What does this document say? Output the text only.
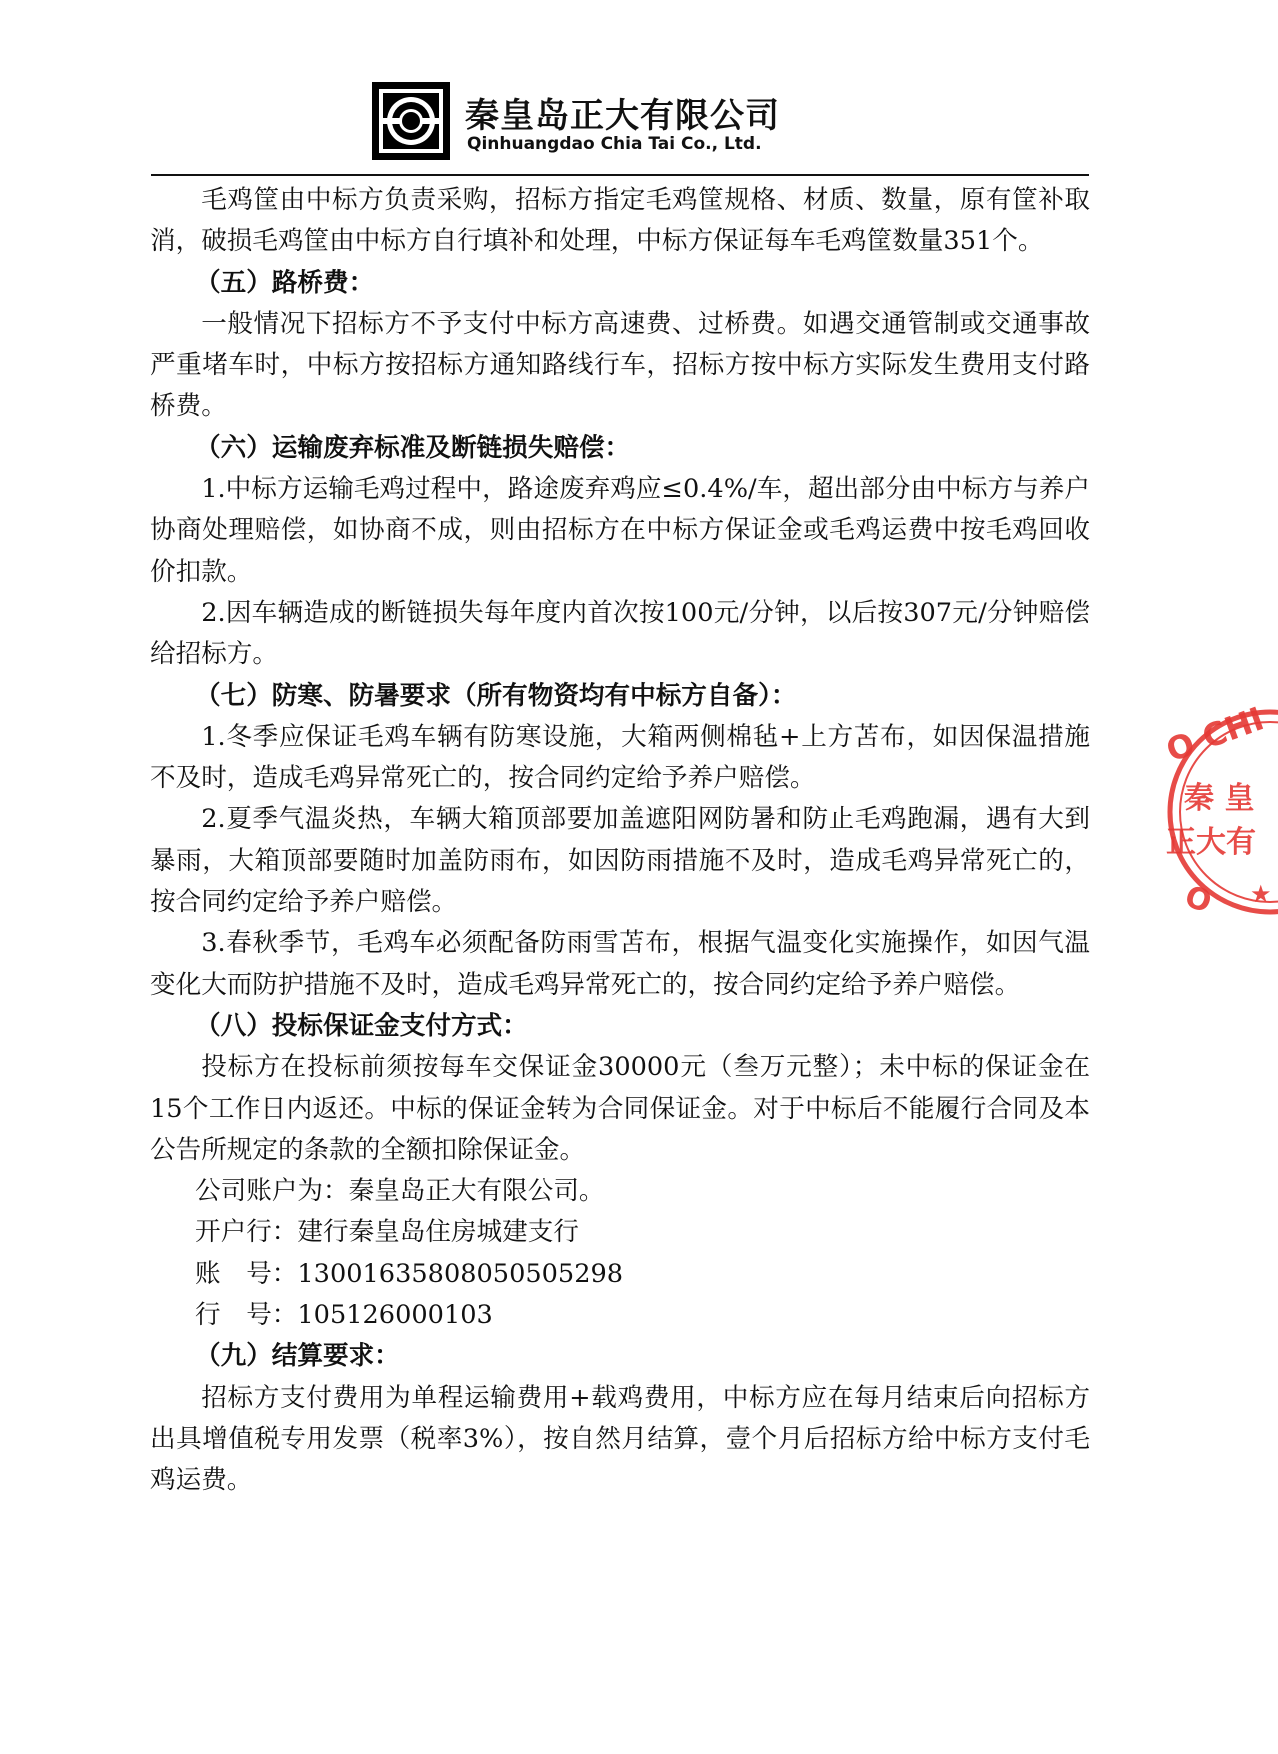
秦皇岛正大有限公司
Qinhuangdao Chia Tai Co., Ltd.

毛鸡筐由中标方负责采购，招标方指定毛鸡筐规格、材质、数量，原有筐补取消，破损毛鸡筐由中标方自行填补和处理，中标方保证每车毛鸡筐数量351个。

（五）路桥费：

一般情况下招标方不予支付中标方高速费、过桥费。如遇交通管制或交通事故严重堵车时，中标方按招标方通知路线行车，招标方按中标方实际发生费用支付路桥费。

（六）运输废弃标准及断链损失赔偿：

1.中标方运输毛鸡过程中，路途废弃鸡应≤0.4%/车，超出部分由中标方与养户协商处理赔偿，如协商不成，则由招标方在中标方保证金或毛鸡运费中按毛鸡回收价扣款。

2.因车辆造成的断链损失每年度内首次按100元/分钟，以后按307元/分钟赔偿给招标方。

（七）防寒、防暑要求（所有物资均有中标方自备）：

1.冬季应保证毛鸡车辆有防寒设施，大箱两侧棉毡+上方苫布，如因保温措施不及时，造成毛鸡异常死亡的，按合同约定给予养户赔偿。

2.夏季气温炎热，车辆大箱顶部要加盖遮阳网防暑和防止毛鸡跑漏，遇有大到暴雨，大箱顶部要随时加盖防雨布，如因防雨措施不及时，造成毛鸡异常死亡的，按合同约定给予养户赔偿。

3.春秋季节，毛鸡车必须配备防雨雪苫布，根据气温变化实施操作，如因气温变化大而防护措施不及时，造成毛鸡异常死亡的，按合同约定给予养户赔偿。

（八）投标保证金支付方式：

投标方在投标前须按每车交保证金30000元（叁万元整）；未中标的保证金在15个工作日内返还。中标的保证金转为合同保证金。对于中标后不能履行合同及本公告所规定的条款的全额扣除保证金。

公司账户为：秦皇岛正大有限公司。

开户行：建行秦皇岛住房城建支行

账　号：13001635808050505298

行　号：105126000103

（九）结算要求：

招标方支付费用为单程运输费用+载鸡费用，中标方应在每月结束后向招标方出具增值税专用发票（税率3%），按自然月结算，壹个月后招标方给中标方支付毛鸡运费。

O CHI
秦 皇
正大有
O ★
